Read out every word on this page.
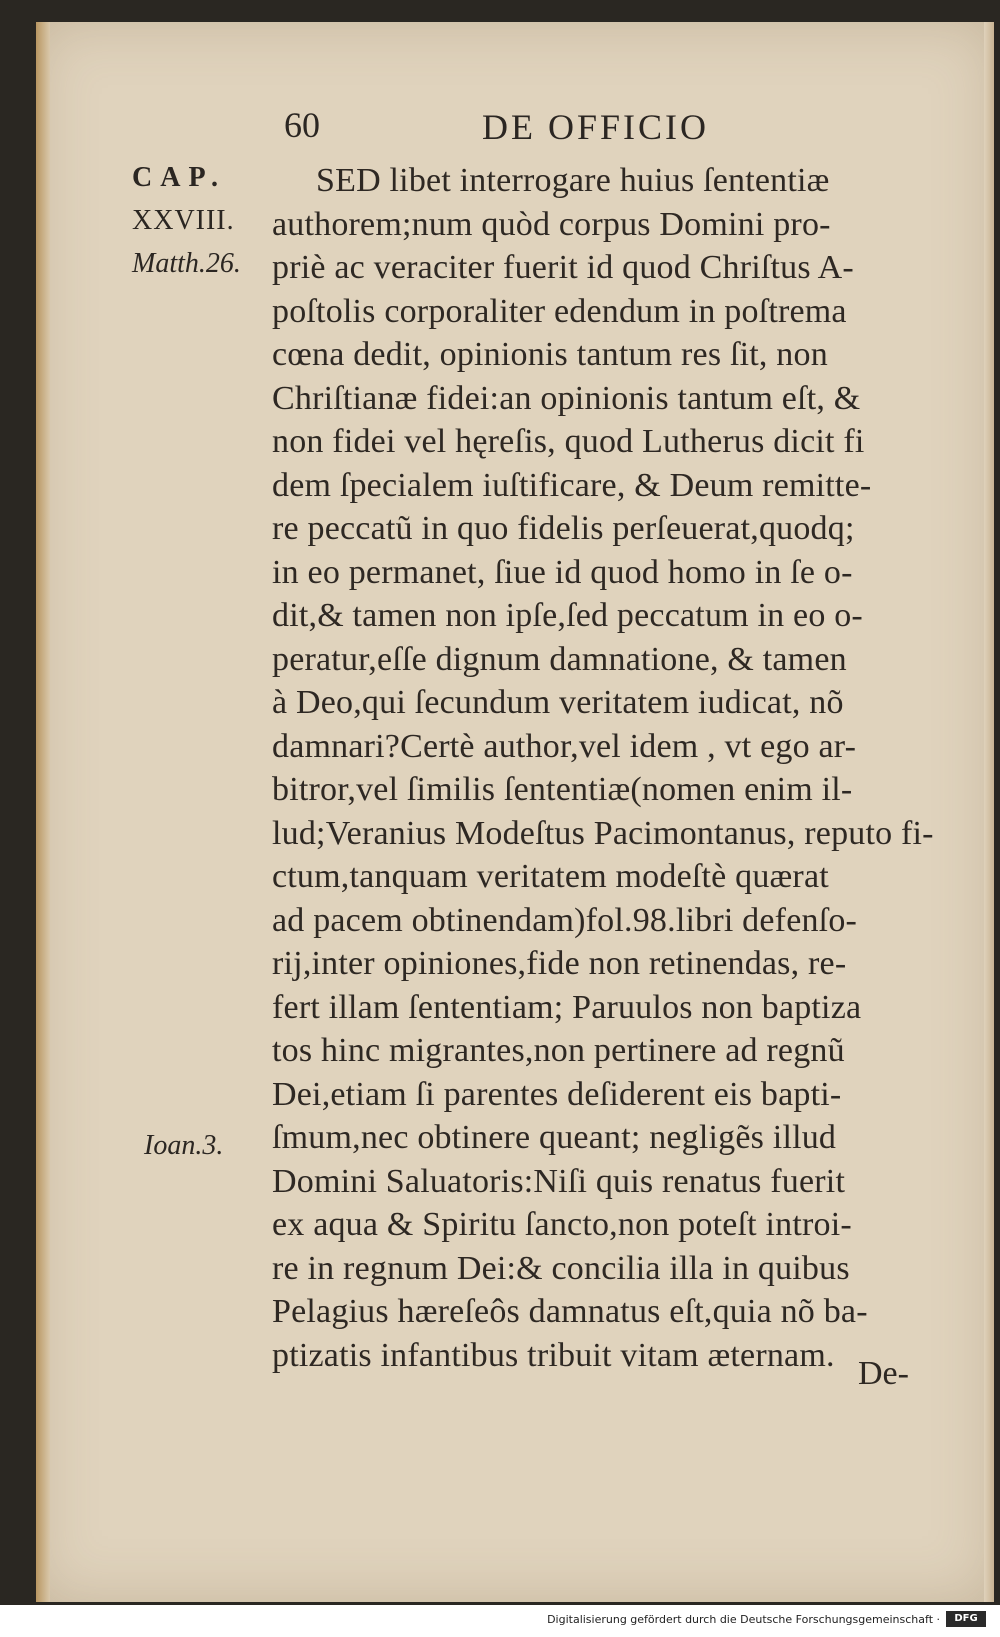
60	DE OFFICIO
CAP.
XXVIII.
Matth.26.
Ioan.3.
SED libet interrogare huius ſententiæ
authorem;num quòd corpus Domini pro-
priè ac veraciter fuerit id quod Chriſtus A-
poſtolis corporaliter edendum in poſtrema
cœna dedit, opinionis tantum res ſit, non
Chriſtianæ fidei:an opinionis tantum eſt, &
non fidei vel hęreſis, quod Lutherus dicit fi
dem ſpecialem iuſtificare, & Deum remitte-
re peccatũ in quo fidelis perſeuerat,quodq;
in eo permanet, ſiue id quod homo in ſe o-
dit,& tamen non ipſe,ſed peccatum in eo o-
peratur,eſſe dignum damnatione, & tamen
à Deo,qui ſecundum veritatem iudicat, nõ
damnari?Certè author,vel idem , vt ego ar-
bitror,vel ſimilis ſententiæ(nomen enim il-
lud;Veranius Modeſtus Pacimontanus, reputo fi-
ctum,tanquam veritatem modeſtè quærat
ad pacem obtinendam)fol.98.libri defenſo-
rij,inter opiniones,fide non retinendas, re-
fert illam ſententiam; Paruulos non baptiza
tos hinc migrantes,non pertinere ad regnũ
Dei,etiam ſi parentes deſiderent eis bapti-
ſmum,nec obtinere queant; negligẽs illud
Domini Saluatoris:Niſi quis renatus fuerit
ex aqua & Spiritu ſancto,non poteſt introi-
re in regnum Dei:& concilia illa in quibus
Pelagius hæreſeôs damnatus eſt,quia nõ ba-
ptizatis infantibus tribuit vitam æternam. De-
Digitalisierung gefördert durch die Deutsche Forschungsgemeinschaft ·	DFG
